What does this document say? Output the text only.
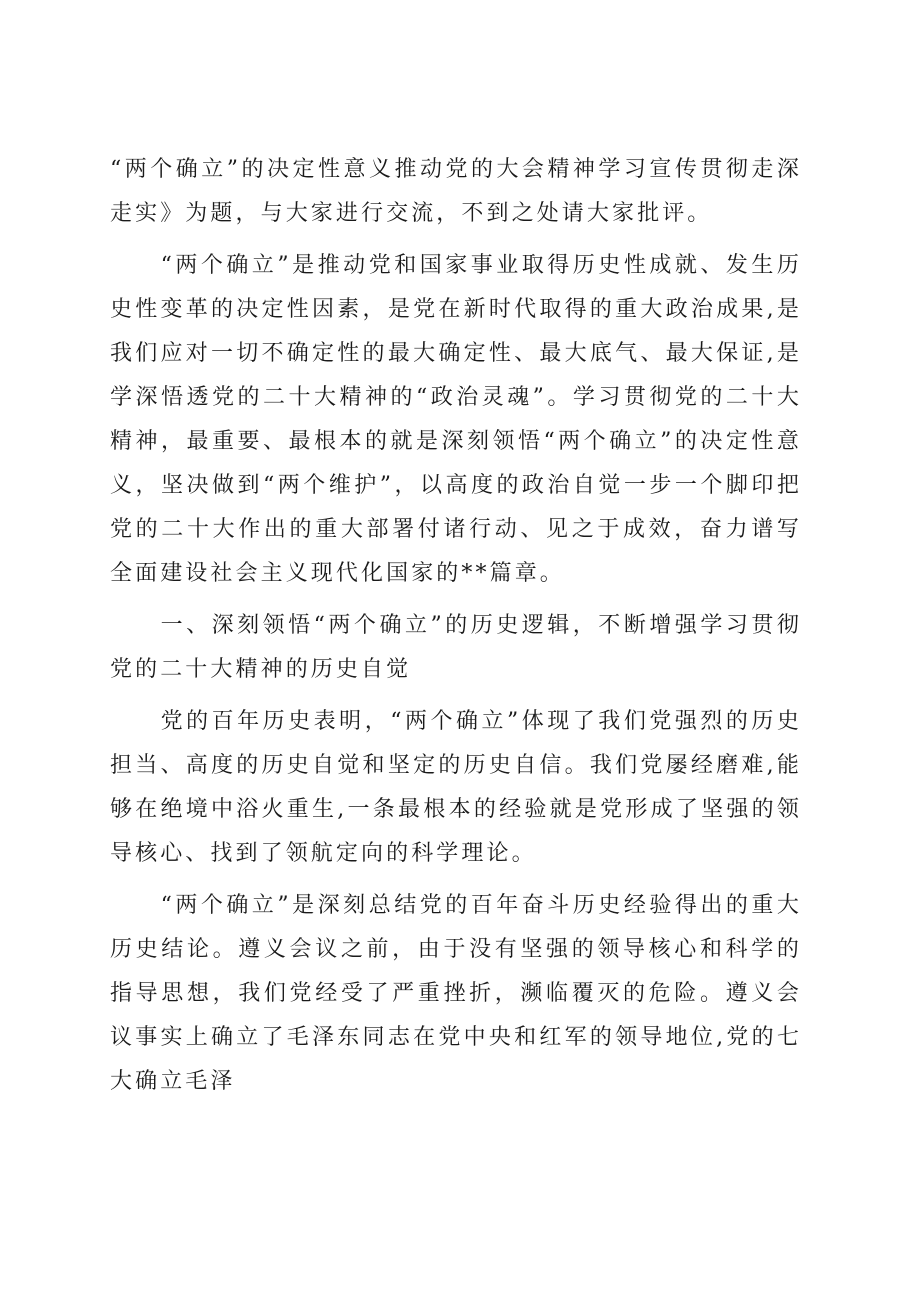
“两个确立”的决定性意义推动党的大会精神学习宣传贯彻走深走实》为题，与大家进行交流，不到之处请大家批评。

“两个确立”是推动党和国家事业取得历史性成就、发生历史性变革的决定性因素，是党在新时代取得的重大政治成果,是我们应对一切不确定性的最大确定性、最大底气、最大保证,是学深悟透党的二十大精神的“政治灵魂”。学习贯彻党的二十大精神，最重要、最根本的就是深刻领悟“两个确立”的决定性意义，坚决做到“两个维护”，以高度的政治自觉一步一个脚印把党的二十大作出的重大部署付诸行动、见之于成效，奋力谱写全面建设社会主义现代化国家的**篇章。

一、深刻领悟“两个确立”的历史逻辑，不断增强学习贯彻党的二十大精神的历史自觉

党的百年历史表明，“两个确立”体现了我们党强烈的历史担当、高度的历史自觉和坚定的历史自信。我们党屡经磨难,能够在绝境中浴火重生,一条最根本的经验就是党形成了坚强的领导核心、找到了领航定向的科学理论。

“两个确立”是深刻总结党的百年奋斗历史经验得出的重大历史结论。遵义会议之前，由于没有坚强的领导核心和科学的指导思想，我们党经受了严重挫折，濒临覆灭的危险。遵义会议事实上确立了毛泽东同志在党中央和红军的领导地位,党的七大确立毛泽
